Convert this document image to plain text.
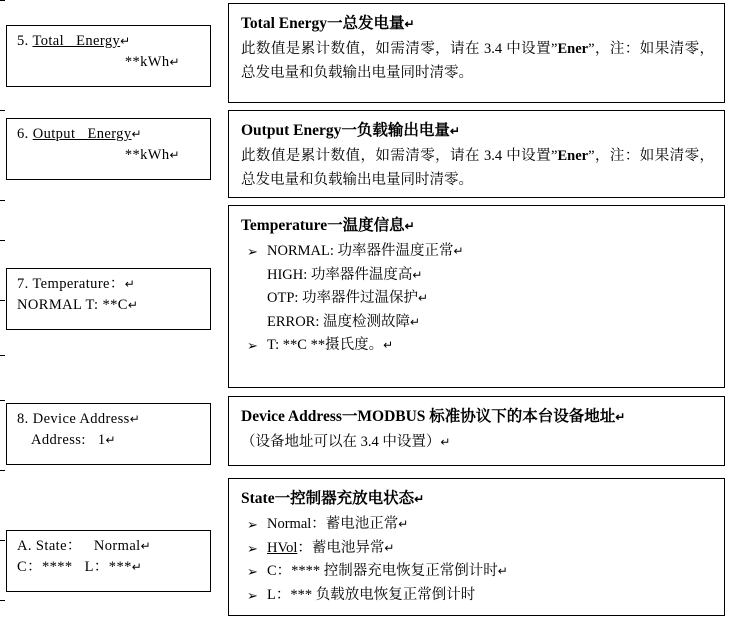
5. Total   Energy↵
**kWh↵
Total Energy一总发电量↵
此数值是累计数值，如需清零，请在 3.4 中设置”Ener”，注：如果清零，总发电量和负载输出电量同时清零。
6. Output   Energy↵
**kWh↵
Output Energy一负载输出电量↵
此数值是累计数值，如需清零，请在 3.4 中设置”Ener”，注：如果清零，总发电量和负载输出电量同时清零。
7. Temperature：↵
NORMAL T: **C↵
Temperature一温度信息↵
➢ NORMAL: 功率器件温度正常↵
HIGH: 功率器件温度高↵
OTP: 功率器件过温保护↵
ERROR: 温度检测故障↵
➢ T: **C **摄氏度。↵
8. Device Address↵
Address:   1↵
Device Address一MODBUS 标准协议下的本台设备地址↵
（设备地址可以在 3.4 中设置）↵
A. State：   Normal↵
C：****   L：***↵
State一控制器充放电状态↵
➢ Normal：蓄电池正常↵
➢ HVol：蓄电池异常↵
➢ C：**** 控制器充电恢复正常倒计时↵
➢ L：*** 负载放电恢复正常倒计时
